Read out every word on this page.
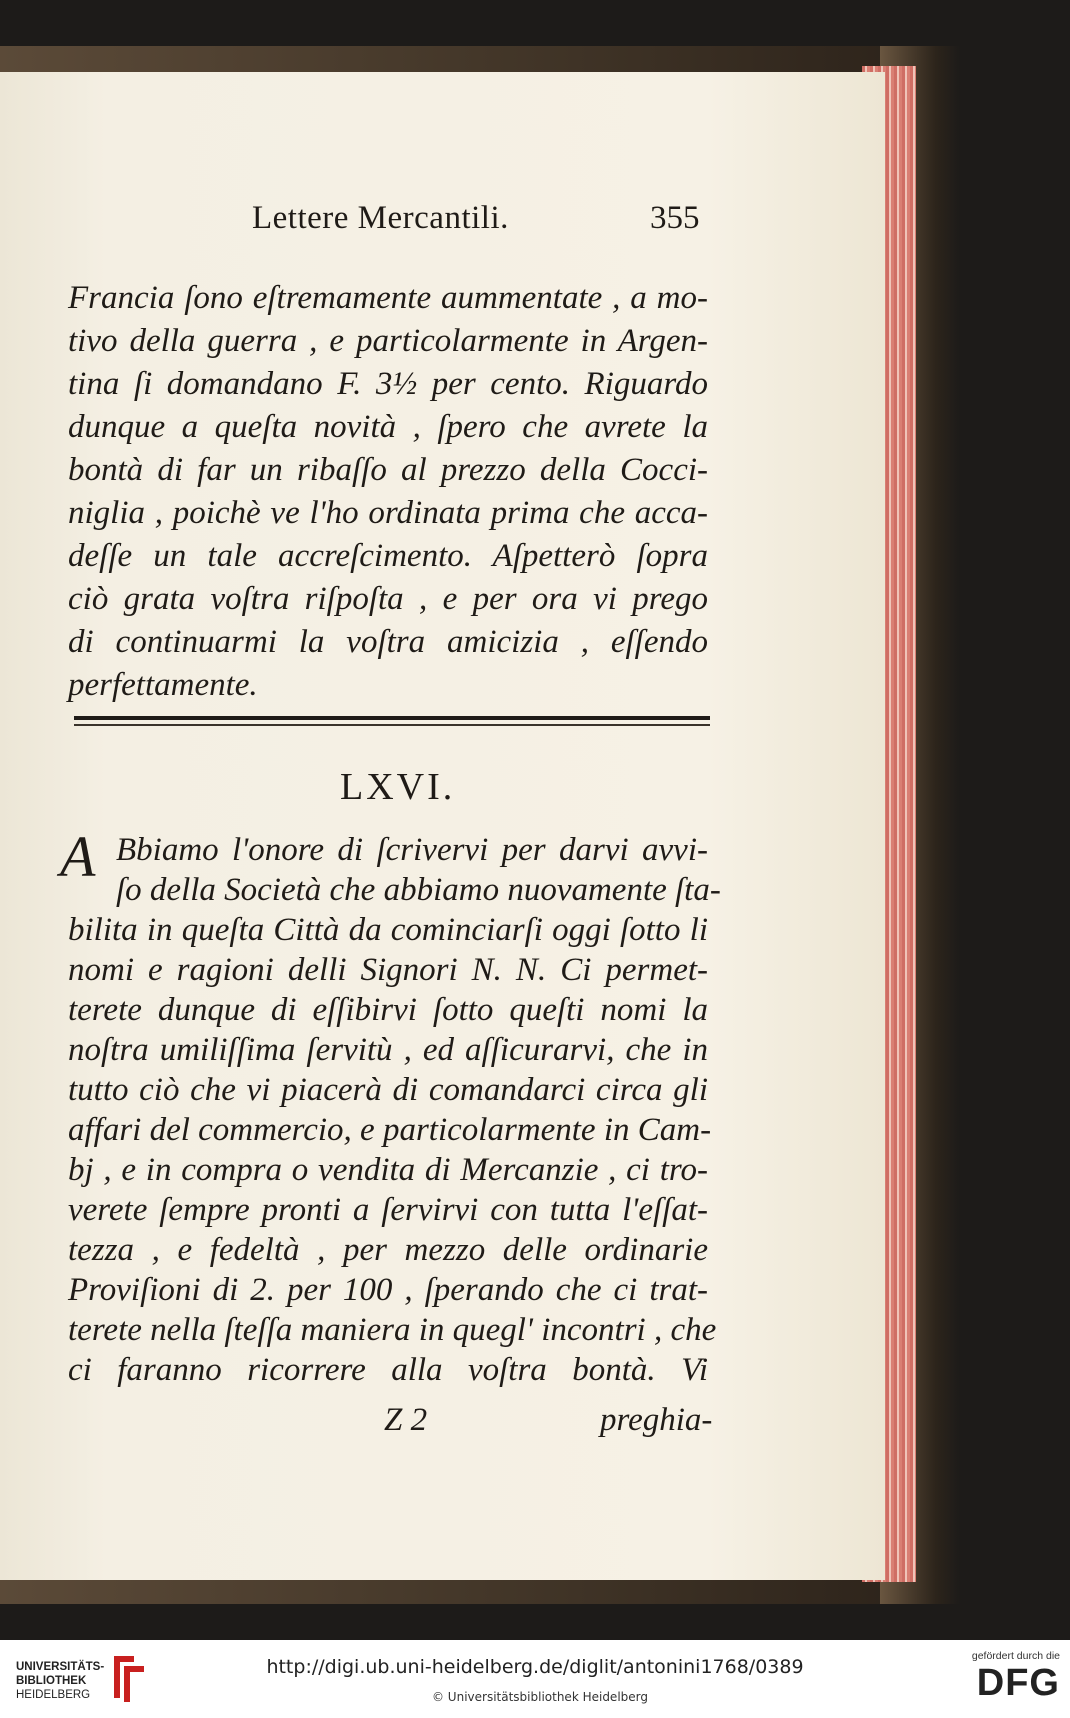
Lettere Mercantili.	355
Francia ſono eſtremamente aummentate , a mo-
tivo della guerra , e particolarmente in Argen-
tina ſi domandano F. 3½ per cento. Riguardo
dunque a queſta novità , ſpero che avrete la
bontà di far un ribaſſo al prezzo della Cocci-
niglia , poichè ve l'ho ordinata prima che acca-
deſſe un tale accreſcimento. Aſpetterò ſopra
ciò grata voſtra riſpoſta , e per ora vi prego
di continuarmi la voſtra amicizia , eſſendo
perfettamente.
LXVI.
A Bbiamo l'onore di ſcrivervi per darvi avvi-
ſo della Società che abbiamo nuovamente ſta-
bilita in queſta Città da cominciarſi oggi ſotto li
nomi e ragioni delli Signori N. N. Ci permet-
terete dunque di eſſibirvi ſotto queſti nomi la
noſtra umiliſſima ſervitù , ed aſſicurarvi, che in
tutto ciò che vi piacerà di comandarci circa gli
affari del commercio, e particolarmente in Cam-
bj , e in compra o vendita di Mercanzie , ci tro-
verete ſempre pronti a ſervirvi con tutta l'eſſat-
tezza , e fedeltà , per mezzo delle ordinarie
Proviſioni di 2. per 100 , ſperando che ci trat-
terete nella ſteſſa maniera in quegl' incontri , che
ci faranno ricorrere alla voſtra bontà. Vi
Z 2	preghia-
UNIVERSITÄTS-
BIBLIOTHEK
HEIDELBERG
http://digi.ub.uni-heidelberg.de/diglit/antonini1768/0389
© Universitätsbibliothek Heidelberg
gefördert durch die
DFG
